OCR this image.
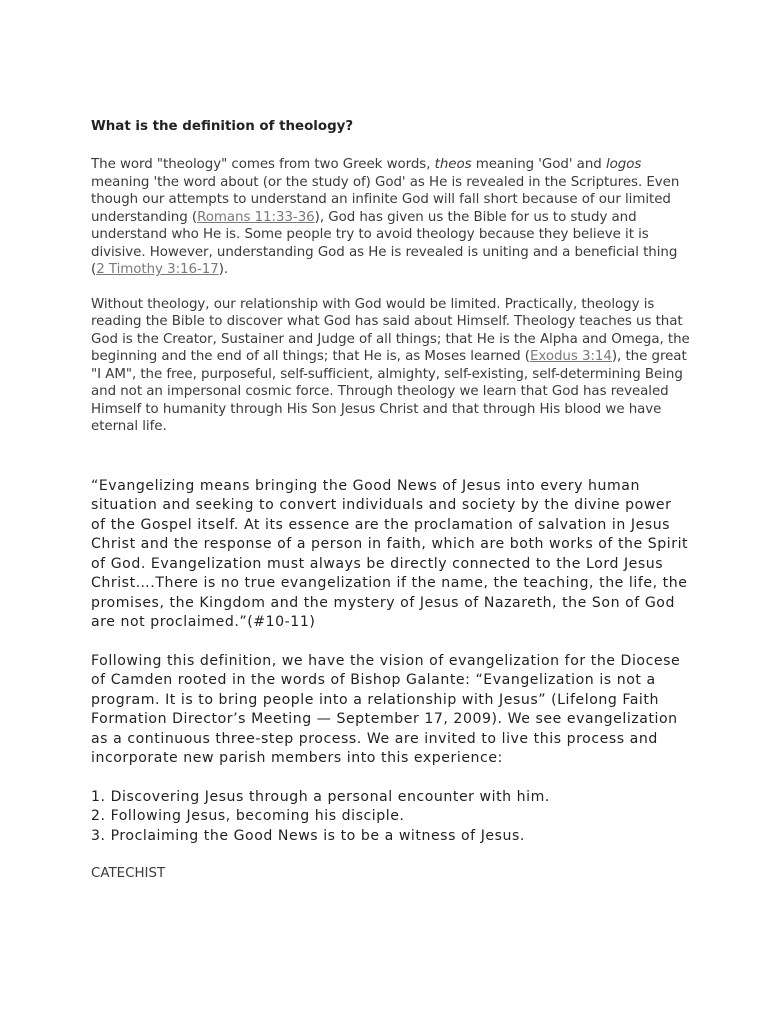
What is the definition of theology?

The word "theology" comes from two Greek words, theos meaning 'God' and logos meaning 'the word about (or the study of) God' as He is revealed in the Scriptures. Even though our attempts to understand an infinite God will fall short because of our limited understanding (Romans 11:33-36), God has given us the Bible for us to study and understand who He is. Some people try to avoid theology because they believe it is divisive. However, understanding God as He is revealed is uniting and a beneficial thing (2 Timothy 3:16-17).

Without theology, our relationship with God would be limited. Practically, theology is reading the Bible to discover what God has said about Himself. Theology teaches us that God is the Creator, Sustainer and Judge of all things; that He is the Alpha and Omega, the beginning and the end of all things; that He is, as Moses learned (Exodus 3:14), the great "I AM", the free, purposeful, self-sufficient, almighty, self-existing, self-determining Being and not an impersonal cosmic force. Through theology we learn that God has revealed Himself to humanity through His Son Jesus Christ and that through His blood we have eternal life.

“Evangelizing means bringing the Good News of Jesus into every human situation and seeking to convert individuals and society by the divine power of the Gospel itself. At its essence are the proclamation of salvation in Jesus Christ and the response of a person in faith, which are both works of the Spirit of God. Evangelization must always be directly connected to the Lord Jesus Christ….There is no true evangelization if the name, the teaching, the life, the promises, the Kingdom and the mystery of Jesus of Nazareth, the Son of God are not proclaimed.”(#10-11)

Following this definition, we have the vision of evangelization for the Diocese of Camden rooted in the words of Bishop Galante: “Evangelization is not a program. It is to bring people into a relationship with Jesus” (Lifelong Faith Formation Director’s Meeting — September 17, 2009). We see evangelization as a continuous three-step process. We are invited to live this process and incorporate new parish members into this experience:

1. Discovering Jesus through a personal encounter with him.
2. Following Jesus, becoming his disciple.
3. Proclaiming the Good News is to be a witness of Jesus.

CATECHIST
